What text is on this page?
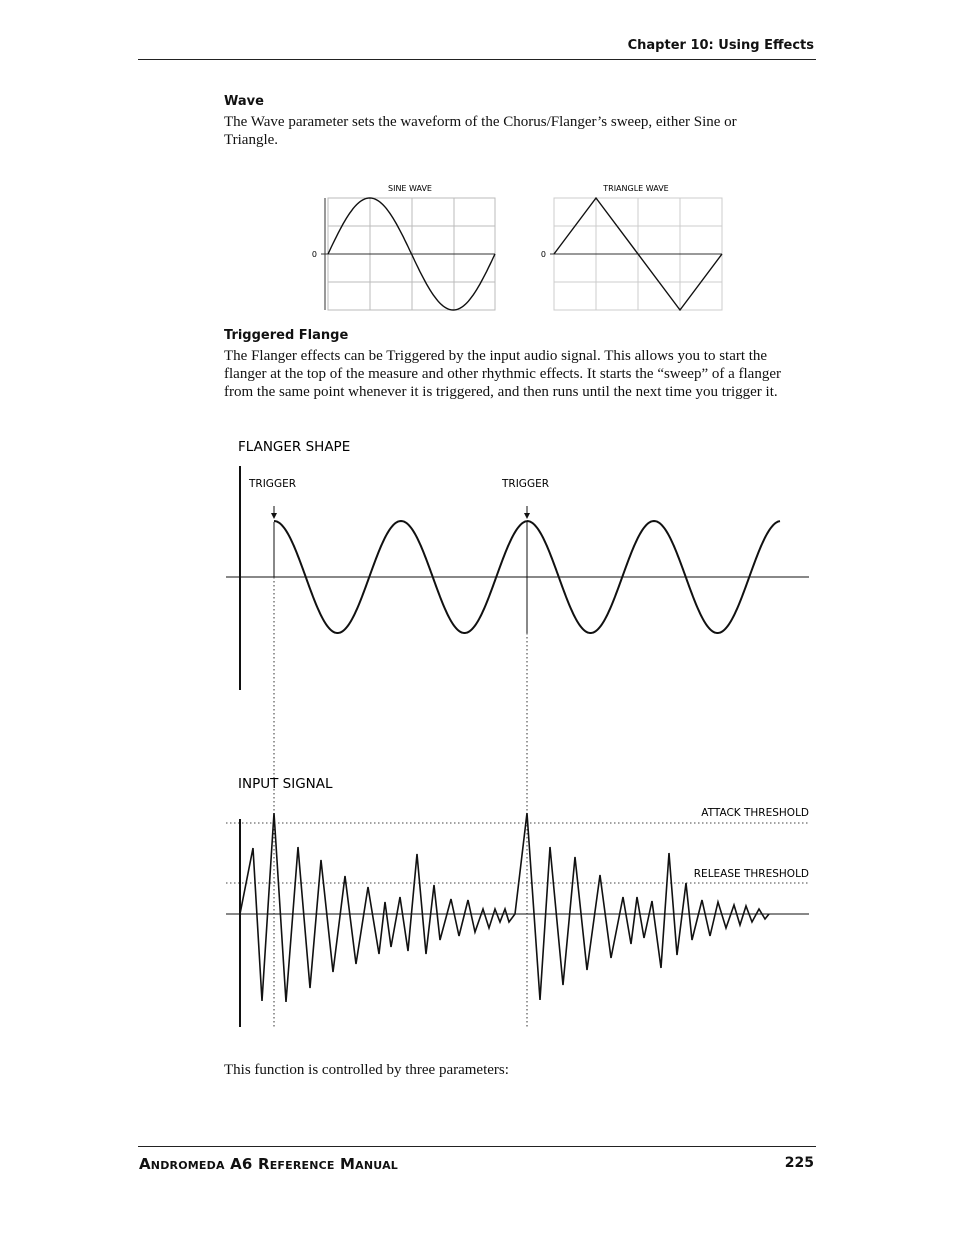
Chapter 10: Using Effects
Wave
The Wave parameter sets the waveform of the Chorus/Flanger’s sweep, either Sine or Triangle.
SINE WAVE
0
TRIANGLE WAVE
0
Triggered Flange
The Flanger effects can be Triggered by the input audio signal. This allows you to start the flanger at the top of the measure and other rhythmic effects. It starts the “sweep” of a flanger from the same point whenever it is triggered, and then runs until the next time you trigger it.
FLANGER SHAPE
TRIGGER	TRIGGER
INPUT SIGNAL
ATTACK THRESHOLD
RELEASE THRESHOLD
This function is controlled by three parameters:
Andromeda A6 Reference Manual	225
